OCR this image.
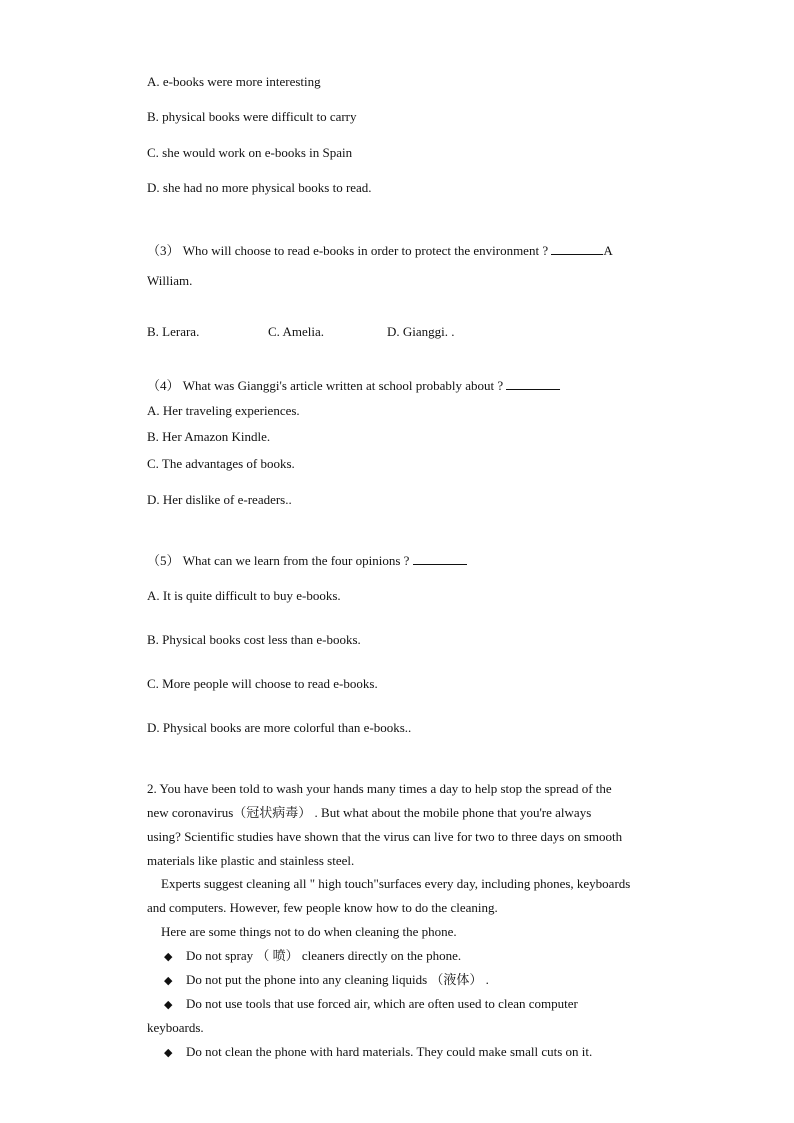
A. e-books were more interesting
B. physical books were difficult to carry
C. she would work on e-books in Spain
D. she had no more physical books to read.
（3） Who will choose to read e-books in order to protect the environment ?	A
William.
B. Lerara.	C. Amelia.	D. Gianggi. .
（4） What was Gianggi's article written at school probably about ?
A. Her traveling experiences.
B. Her Amazon Kindle.
C. The advantages of books.
D. Her dislike of e-readers..
（5） What can we learn from the four opinions ?
A. It is quite difficult to buy e-books.
B. Physical books cost less than e-books.
C. More people will choose to read e-books.
D. Physical books are more colorful than e-books..
2. You have been told to wash your hands many times a day to help stop the spread of the
new coronavirus（冠状病毒） . But what about the mobile phone that you're always
using? Scientific studies have shown that the virus can live for two to three days on smooth
materials like plastic and stainless steel.
Experts suggest cleaning all " high touch"surfaces every day, including phones, keyboards
and computers. However, few people know how to do the cleaning.
Here are some things not to do when cleaning the phone.
◆ Do not spray （ 喷） cleaners directly on the phone.
◆ Do not put the phone into any cleaning liquids （液体） .
◆ Do not use tools that use forced air, which are often used to clean computer
keyboards.
◆ Do not clean the phone with hard materials. They could make small cuts on it.
